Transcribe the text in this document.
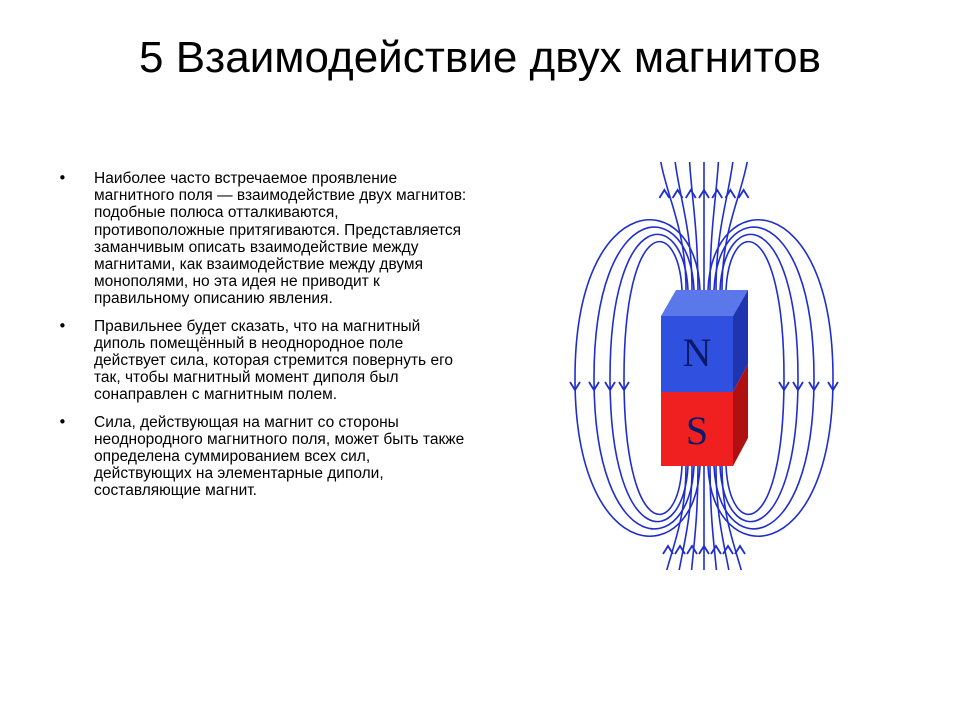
5 Взаимодействие двух магнитов
•	Наиболее часто встречаемое проявление магнитного поля — взаимодействие двух магнитов: подобные полюса отталкиваются, противоположные притягиваются. Представляется заманчивым описать взаимодействие между магнитами, как взаимодействие между двумя монополями, но эта идея не приводит к правильному описанию явления.
•	Правильнее будет сказать, что на магнитный диполь помещённый в неоднородное поле действует сила, которая стремится повернуть его так, чтобы магнитный момент диполя был сонаправлен с магнитным полем.
•	Сила, действующая на магнит со стороны неоднородного магнитного поля, может быть также определена суммированием всех сил, действующих на элементарные диполи, составляющие магнит.
N
S
